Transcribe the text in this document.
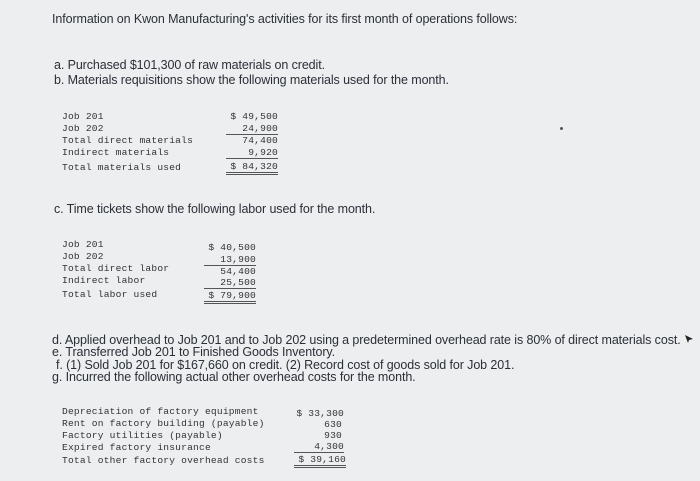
Information on Kwon Manufacturing's activities for its first month of operations follows:
a. Purchased $101,300 of raw materials on credit.
b. Materials requisitions show the following materials used for the month.
Job 201
Job 202
Total direct materials
Indirect materials
Total materials used
$ 49,500
24,900
74,400
9,920
$ 84,320
c. Time tickets show the following labor used for the month.
Job 201
Job 202
Total direct labor
Indirect labor
Total labor used
$ 40,500
13,900
54,400
25,500
$ 79,900
d. Applied overhead to Job 201 and to Job 202 using a predetermined overhead rate is 80% of direct materials cost.
e. Transferred Job 201 to Finished Goods Inventory.
f. (1) Sold Job 201 for $167,660 on credit. (2) Record cost of goods sold for Job 201.
g. Incurred the following actual other overhead costs for the month.
Depreciation of factory equipment
Rent on factory building (payable)
Factory utilities (payable)
Expired factory insurance
Total other factory overhead costs
$ 33,300
630
930
4,300
$ 39,160
